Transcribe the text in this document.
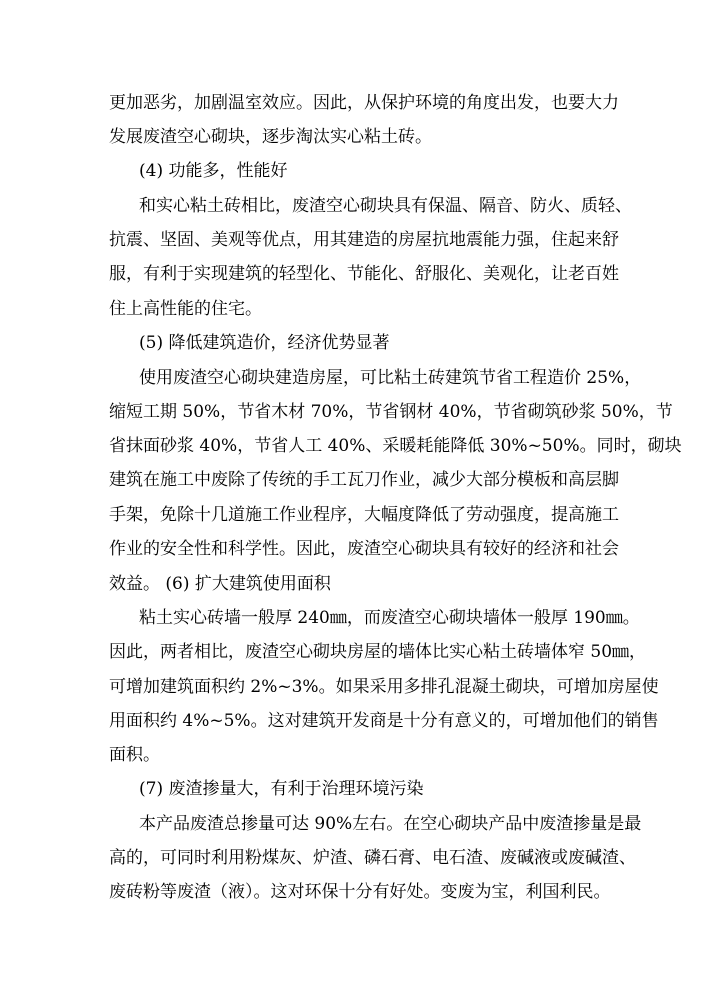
更加恶劣，加剧温室效应。因此，从保护环境的角度出发，也要大力
发展废渣空心砌块，逐步淘汰实心粘土砖。
(4) 功能多，性能好
和实心粘土砖相比，废渣空心砌块具有保温、隔音、防火、质轻、
抗震、坚固、美观等优点，用其建造的房屋抗地震能力强，住起来舒
服，有利于实现建筑的轻型化、节能化、舒服化、美观化，让老百姓
住上高性能的住宅。
(5) 降低建筑造价，经济优势显著
使用废渣空心砌块建造房屋，可比粘土砖建筑节省工程造价 25%，
缩短工期 50%，节省木材 70%，节省钢材 40%，节省砌筑砂浆 50%，节
省抹面砂浆 40%，节省人工 40%、采暖耗能降低 30%~50%。同时，砌块
建筑在施工中废除了传统的手工瓦刀作业，减少大部分模板和高层脚
手架，免除十几道施工作业程序，大幅度降低了劳动强度，提高施工
作业的安全性和科学性。因此，废渣空心砌块具有较好的经济和社会
效益。 (6) 扩大建筑使用面积
粘土实心砖墙一般厚 240㎜，而废渣空心砌块墙体一般厚 190㎜。
因此，两者相比，废渣空心砌块房屋的墙体比实心粘土砖墙体窄 50㎜，
可增加建筑面积约 2%~3%。如果采用多排孔混凝土砌块，可增加房屋使
用面积约 4%~5%。这对建筑开发商是十分有意义的，可增加他们的销售
面积。
(7) 废渣掺量大，有利于治理环境污染
本产品废渣总掺量可达 90%左右。在空心砌块产品中废渣掺量是最
高的，可同时利用粉煤灰、炉渣、磷石膏、电石渣、废碱液或废碱渣、
废砖粉等废渣（液）。这对环保十分有好处。变废为宝，利国利民。
